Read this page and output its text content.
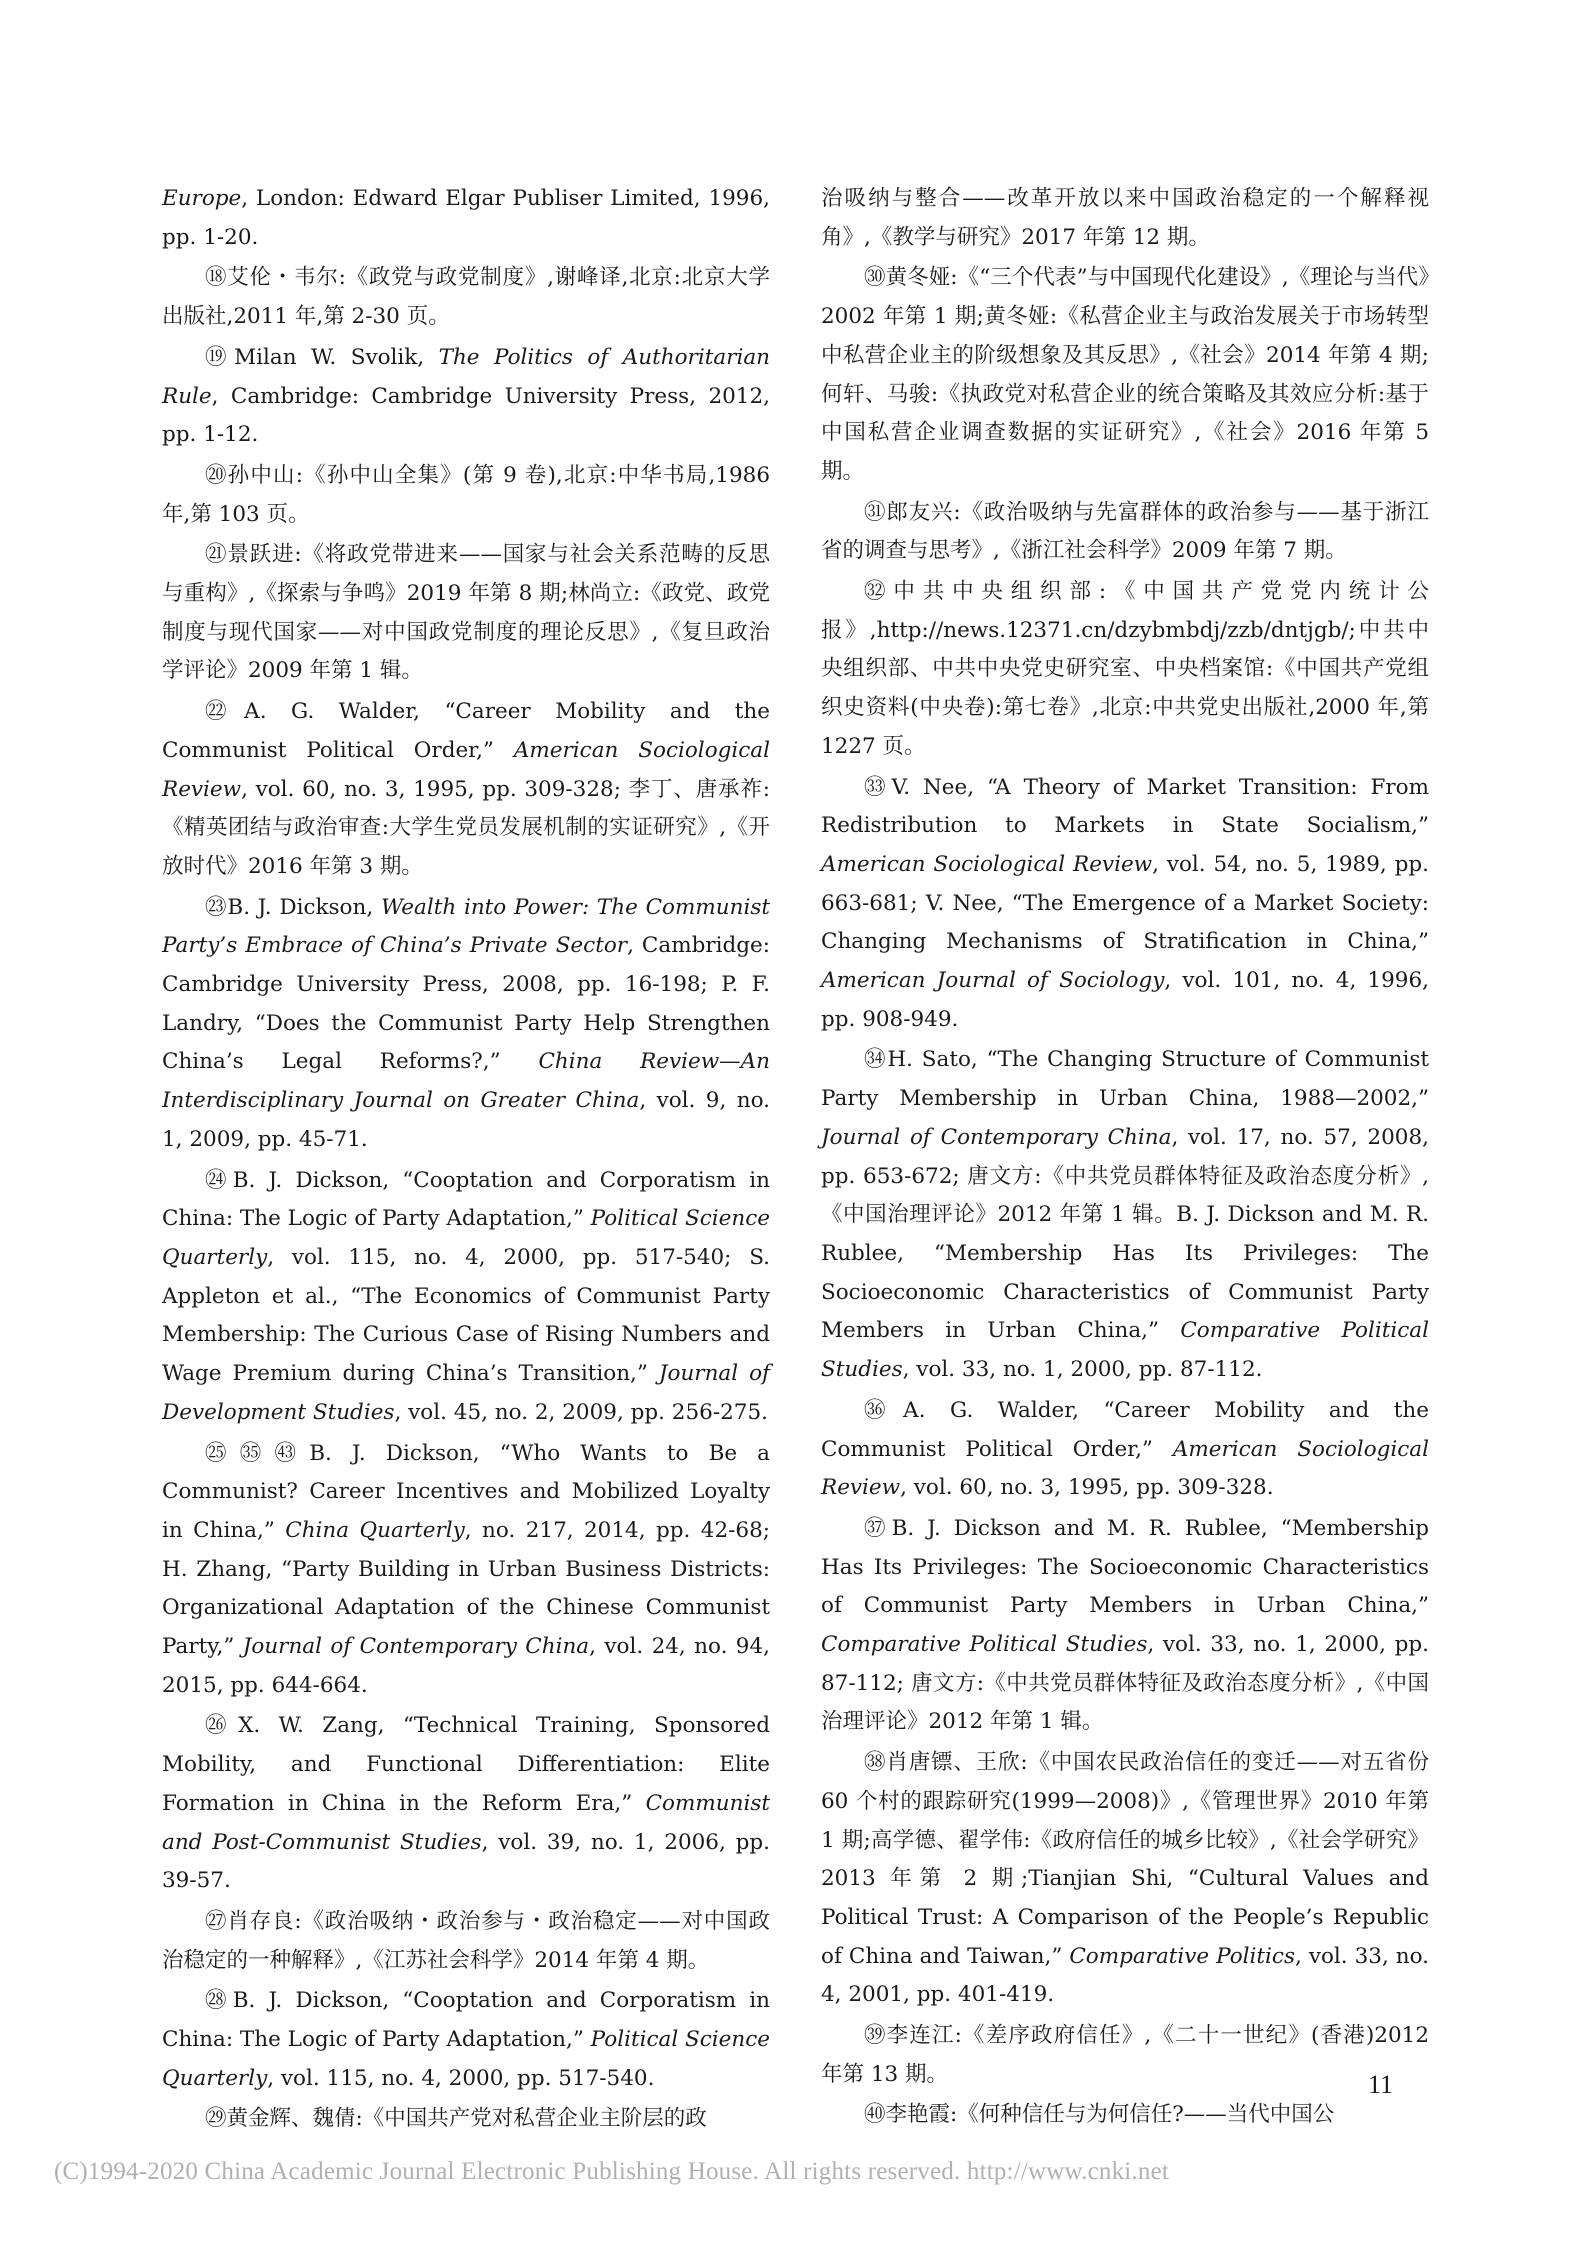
Europe, London: Edward Elgar Publiser Limited, 1996, pp. 1-20.

⑱艾伦・韦尔:《政党与政党制度》,谢峰译,北京:北京大学出版社,2011 年,第 2-30 页。

⑲Milan W. Svolik, The Politics of Authoritarian Rule, Cambridge: Cambridge University Press, 2012, pp. 1-12.

⑳孙中山:《孙中山全集》(第 9 卷),北京:中华书局,1986 年,第 103 页。

㉑景跃进:《将政党带进来——国家与社会关系范畴的反思与重构》,《探索与争鸣》2019 年第 8 期;林尚立:《政党、政党制度与现代国家——对中国政党制度的理论反思》,《复旦政治学评论》2009 年第 1 辑。

㉒A. G. Walder, “Career Mobility and the Communist Political Order,” American Sociological Review, vol. 60, no. 3, 1995, pp. 309-328; 李丁、唐承祚:《精英团结与政治审查:大学生党员发展机制的实证研究》,《开放时代》2016 年第 3 期。

㉓B. J. Dickson, Wealth into Power: The Communist Party’s Embrace of China’s Private Sector, Cambridge: Cambridge University Press, 2008, pp. 16-198; P. F. Landry, “Does the Communist Party Help Strengthen China’s Legal Reforms?,” China Review—An Interdisciplinary Journal on Greater China, vol. 9, no. 1, 2009, pp. 45-71.

㉔B. J. Dickson, “Cooptation and Corporatism in China: The Logic of Party Adaptation,” Political Science Quarterly, vol. 115, no. 4, 2000, pp. 517-540; S. Appleton et al., “The Economics of Communist Party Membership: The Curious Case of Rising Numbers and Wage Premium during China’s Transition,” Journal of Development Studies, vol. 45, no. 2, 2009, pp. 256-275.

㉕㉟㊸B. J. Dickson, “Who Wants to Be a Communist? Career Incentives and Mobilized Loyalty in China,” China Quarterly, no. 217, 2014, pp. 42-68; H. Zhang, “Party Building in Urban Business Districts: Organizational Adaptation of the Chinese Communist Party,” Journal of Contemporary China, vol. 24, no. 94, 2015, pp. 644-664.

㉖X. W. Zang, “Technical Training, Sponsored Mobility, and Functional Differentiation: Elite Formation in China in the Reform Era,” Communist and Post-Communist Studies, vol. 39, no. 1, 2006, pp. 39-57.

㉗肖存良:《政治吸纳・政治参与・政治稳定——对中国政治稳定的一种解释》,《江苏社会科学》2014 年第 4 期。

㉘B. J. Dickson, “Cooptation and Corporatism in China: The Logic of Party Adaptation,” Political Science Quarterly, vol. 115, no. 4, 2000, pp. 517-540.

㉙黄金辉、魏倩:《中国共产党对私营企业主阶层的政

治吸纳与整合——改革开放以来中国政治稳定的一个解释视角》,《教学与研究》2017 年第 12 期。

㉚黄冬娅:《“三个代表”与中国现代化建设》,《理论与当代》2002 年第 1 期;黄冬娅:《私营企业主与政治发展关于市场转型中私营企业主的阶级想象及其反思》,《社会》2014 年第 4 期;何轩、马骏:《执政党对私营企业的统合策略及其效应分析:基于中国私营企业调查数据的实证研究》,《社会》2016 年第 5 期。

㉛郎友兴:《政治吸纳与先富群体的政治参与——基于浙江省的调查与思考》,《浙江社会科学》2009 年第 7 期。

㉜中共中央组织部:《中国共产党党内统计公报》,http://news.12371.cn/dzybmbdj/zzb/dntjgb/;中共中央组织部、中共中央党史研究室、中央档案馆:《中国共产党组织史资料(中央卷):第七卷》,北京:中共党史出版社,2000 年,第 1227 页。

㉝V. Nee, “A Theory of Market Transition: From Redistribution to Markets in State Socialism,” American Sociological Review, vol. 54, no. 5, 1989, pp. 663-681; V. Nee, “The Emergence of a Market Society: Changing Mechanisms of Stratification in China,” American Journal of Sociology, vol. 101, no. 4, 1996, pp. 908-949.

㉞H. Sato, “The Changing Structure of Communist Party Membership in Urban China, 1988—2002,” Journal of Contemporary China, vol. 17, no. 57, 2008, pp. 653-672; 唐文方:《中共党员群体特征及政治态度分析》,《中国治理评论》2012 年第 1 辑。B. J. Dickson and M. R. Rublee, “Membership Has Its Privileges: The Socioeconomic Characteristics of Communist Party Members in Urban China,” Comparative Political Studies, vol. 33, no. 1, 2000, pp. 87-112.

㊱A. G. Walder, “Career Mobility and the Communist Political Order,” American Sociological Review, vol. 60, no. 3, 1995, pp. 309-328.

㊲B. J. Dickson and M. R. Rublee, “Membership Has Its Privileges: The Socioeconomic Characteristics of Communist Party Members in Urban China,” Comparative Political Studies, vol. 33, no. 1, 2000, pp. 87-112; 唐文方:《中共党员群体特征及政治态度分析》,《中国治理评论》2012 年第 1 辑。

㊳肖唐镖、王欣:《中国农民政治信任的变迁——对五省份 60 个村的跟踪研究(1999—2008)》,《管理世界》2010 年第 1 期;高学德、翟学伟:《政府信任的城乡比较》,《社会学研究》2013 年第 2 期;Tianjian Shi, “Cultural Values and Political Trust: A Comparison of the People’s Republic of China and Taiwan,” Comparative Politics, vol. 33, no. 4, 2001, pp. 401-419.

㊴李连江:《差序政府信任》,《二十一世纪》(香港)2012 年第 13 期。

㊵李艳霞:《何种信任与为何信任?——当代中国公

11
(C)1994-2020 China Academic Journal Electronic Publishing House. All rights reserved. http://www.cnki.net
